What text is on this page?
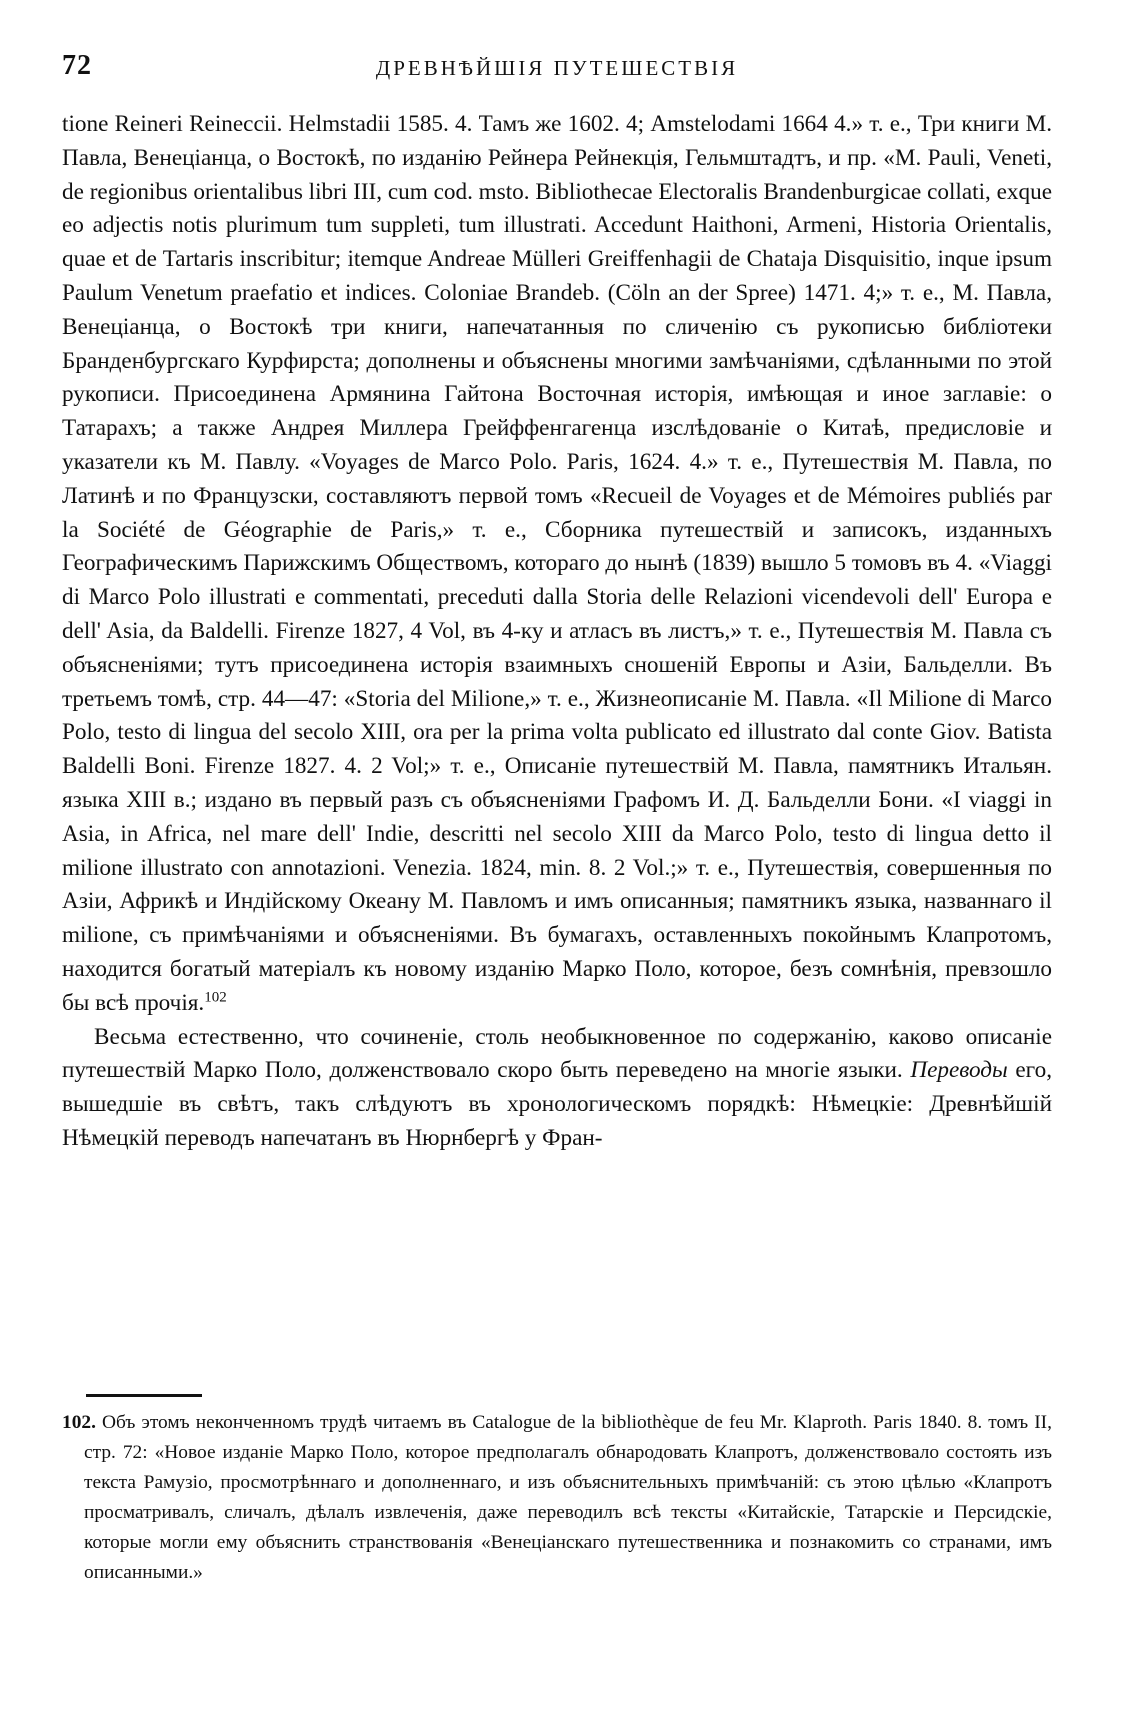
72	ДРЕВНѢЙШІЯ ПУТЕШЕСТВІЯ

tione Reineri Reineccii. Helmstadii 1585. 4. Тамъ же 1602. 4; Amstelodami 1664 4.» т. е., Три книги М. Павла, Венеціанца, о Востокѣ, по изданію Рейнера Рейнекція, Гельмштадтъ, и пр. «M. Pauli, Veneti, de regionibus orientalibus libri III, cum cod. msto. Bibliothecae Electoralis Brandenburgicae collati, exque eo adjectis notis plurimum tum suppleti, tum illustrati. Accedunt Haithoni, Armeni, Historia Orientalis, quae et de Tartaris inscribitur; itemque Andreae Mülleri Greiffenhagii de Chataja Disquisitio, inque ipsum Paulum Venetum praefatio et indices. Coloniae Brandeb. (Cöln an der Spree) 1471. 4;» т. е., М. Павла, Венеціанца, о Востокѣ три книги, напечатанныя по сличенію съ рукописью библіотеки Бранденбургскаго Курфирста; дополнены и объяснены многими замѣчаніями, сдѣланными по этой рукописи. Присоединена Армянина Гайтона Восточная исторія, имѣющая и иное заглавіе: о Татарахъ; а также Андрея Миллера Грейффенгагенца изслѣдованіе о Китаѣ, предисловіе и указатели къ М. Павлу. «Voyages de Marco Polo. Paris, 1624. 4.» т. е., Путешествія М. Павла, по Латинѣ и по Французски, составляютъ первой томъ «Recueil de Voyages et de Mémoires publiés par la Société de Géographie de Paris,» т. е., Сборника путешествій и записокъ, изданныхъ Географическимъ Парижскимъ Обществомъ, котораго до нынѣ (1839) вышло 5 томовъ въ 4. «Viaggi di Marco Polo illustrati e commentati, preceduti dalla Storia delle Relazioni vicendevoli dell' Europa e dell' Asia, da Baldelli. Firenze 1827, 4 Vol, въ 4-ку и атласъ въ листъ,» т. е., Путешествія М. Павла съ объясненіями; тутъ присоединена исторія взаимныхъ сношеній Европы и Азіи, Бальделли. Въ третьемъ томѣ, стр. 44—47: «Storia del Milione,» т. е., Жизнеописаніе М. Павла. «Il Milione di Marco Polo, testo di lingua del secolo XIII, ora per la prima volta publicato ed illustrato dal conte Giov. Batista Baldelli Boni. Firenze 1827. 4. 2 Vol;» т. е., Описаніе путешествій М. Павла, памятникъ Итальян. языка XIII в.; издано въ первый разъ съ объясненіями Графомъ И. Д. Бальделли Бони. «I viaggi in Asia, in Africa, nel mare dell' Indie, descritti nel secolo XIII da Marco Polo, testo di lingua detto il milione illustrato con annotazioni. Venezia. 1824, min. 8. 2 Vol.;» т. е., Путешествія, совершенныя по Азіи, Африкѣ и Индійскому Океану М. Павломъ и имъ описанныя; памятникъ языка, названнаго il milione, съ примѣчаніями и объясненіями. Въ бумагахъ, оставленныхъ покойнымъ Клапротомъ, находится богатый матеріалъ къ новому изданію Марко Поло, которое, безъ сомнѣнія, превзошло бы всѣ прочія.$^{102}$

Весьма естественно, что сочиненіе, столь необыкновенное по содержанію, каково описаніе путешествій Марко Поло, долженствовало скоро быть переведено на многіе языки. Переводы его, вышедшіе въ свѣтъ, такъ слѣдуютъ въ хронологическомъ порядкѣ: Нѣмецкіе: Древнѣйшій Нѣмецкій переводъ напечатанъ въ Нюрнбергѣ у Фран-

102. Объ этомъ неконченномъ трудѣ читаемъ въ Catalogue de la bibliothèque de feu Mr. Klaproth. Paris 1840. 8. томъ II, стр. 72: «Новое изданіе Марко Поло, которое предполагалъ обнародовать Клапротъ, долженствовало состоять изъ текста Рамузіо, просмотрѣннаго и дополненнаго, и изъ объяснительныхъ примѣчаній: съ этою цѣлью «Клапротъ просматривалъ, сличалъ, дѣлалъ извлеченія, даже переводилъ всѣ тексты «Китайскіе, Татарскіе и Персидскіе, которые могли ему объяснить странствованія «Венеціанскаго путешественника и познакомить со странами, имъ описанными.»
